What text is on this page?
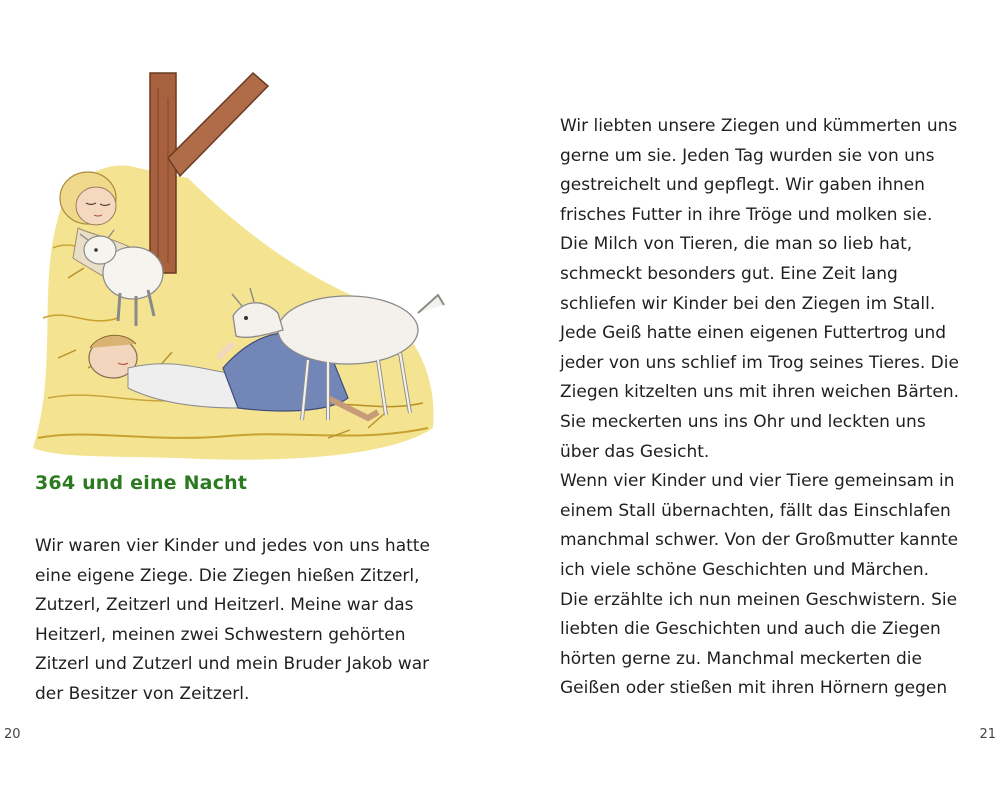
364 und eine Nacht

Wir waren vier Kinder und jedes von uns hatte
eine eigene Ziege. Die Ziegen hießen Zitzerl,
Zutzerl, Zeitzerl und Heitzerl. Meine war das
Heitzerl, meinen zwei Schwestern gehörten
Zitzerl und Zutzerl und mein Bruder Jakob war
der Besitzer von Zeitzerl.

20

Wir liebten unsere Ziegen und kümmerten uns
gerne um sie. Jeden Tag wurden sie von uns
gestreichelt und gepflegt. Wir gaben ihnen
frisches Futter in ihre Tröge und molken sie.
Die Milch von Tieren, die man so lieb hat,
schmeckt besonders gut. Eine Zeit lang
schliefen wir Kinder bei den Ziegen im Stall.
Jede Geiß hatte einen eigenen Futtertrog und
jeder von uns schlief im Trog seines Tieres. Die
Ziegen kitzelten uns mit ihren weichen Bärten.
Sie meckerten uns ins Ohr und leckten uns
über das Gesicht.
Wenn vier Kinder und vier Tiere gemeinsam in
einem Stall übernachten, fällt das Einschlafen
manchmal schwer. Von der Großmutter kannte
ich viele schöne Geschichten und Märchen.
Die erzählte ich nun meinen Geschwistern. Sie
liebten die Geschichten und auch die Ziegen
hörten gerne zu. Manchmal meckerten die
Geißen oder stießen mit ihren Hörnern gegen

21
